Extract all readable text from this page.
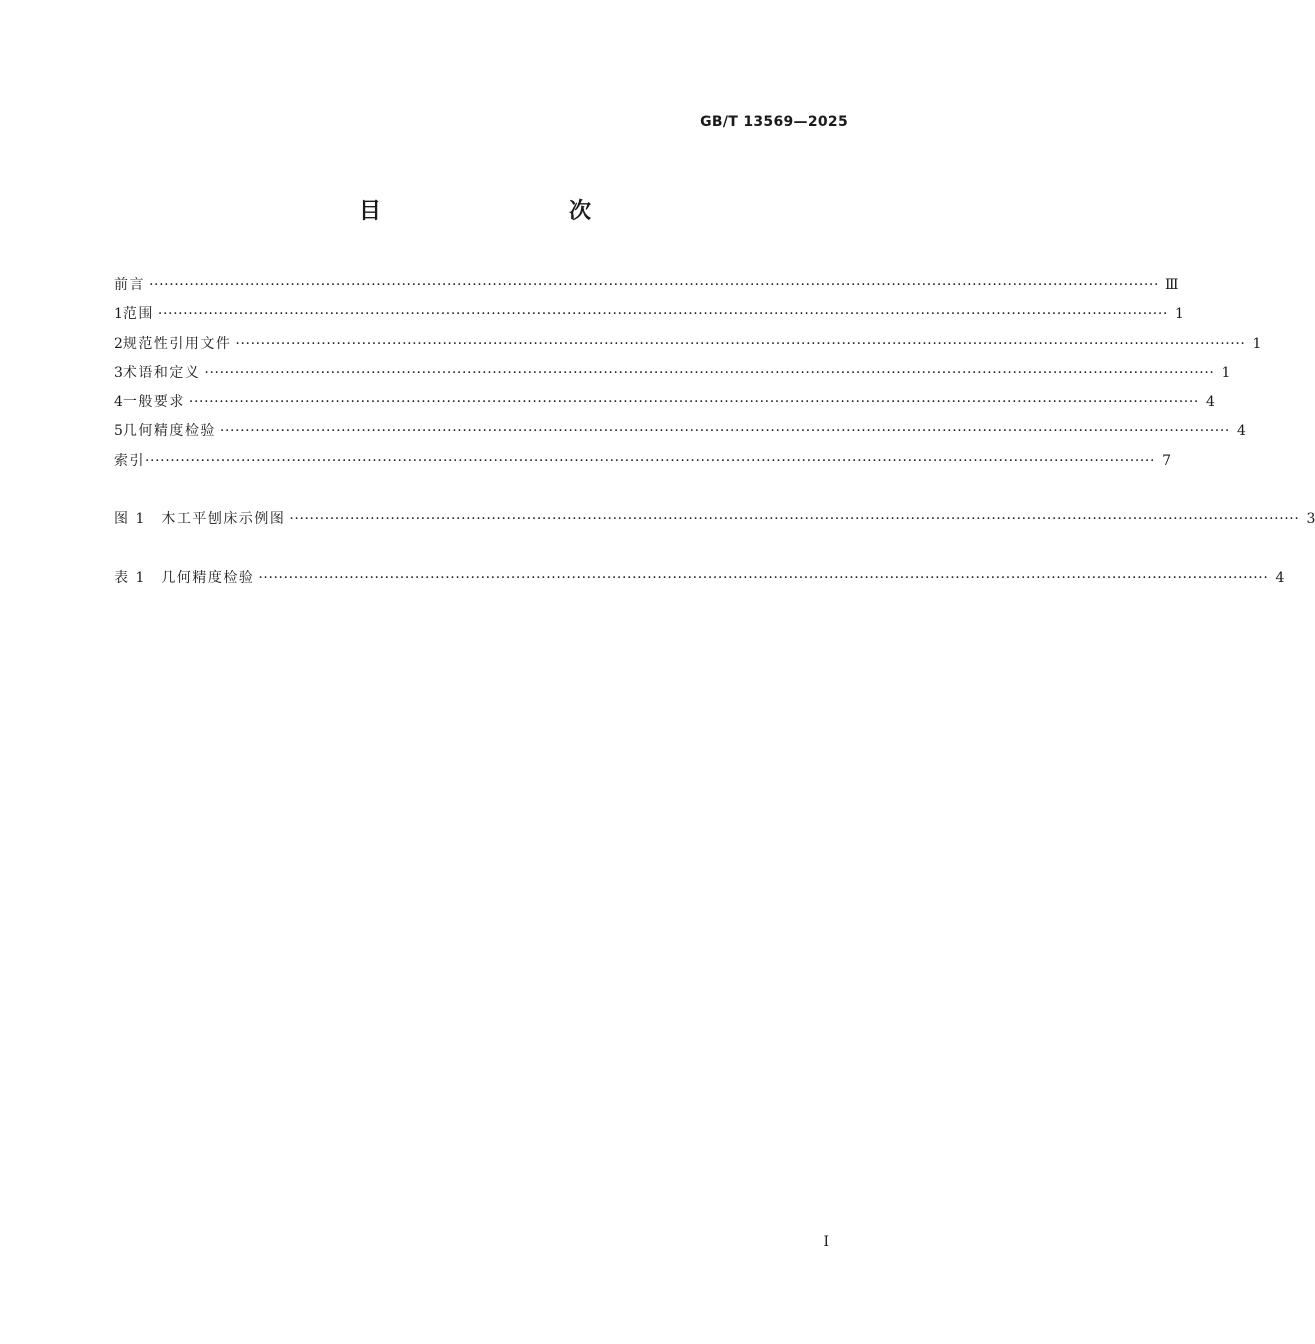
GB/T 13569—2025
目　　次
前言 ········································································································································································································ Ⅲ
1 范围 ········································································································································································································ 1
2 规范性引用文件 ········································································································································································································ 1
3 术语和定义 ········································································································································································································ 1
4 一般要求 ········································································································································································································ 4
5 几何精度检验 ········································································································································································································ 4
索引 ········································································································································································································ 7
图 1　木工平刨床示例图 ········································································································································································································ 3
表 1　几何精度检验 ········································································································································································································ 4
I
